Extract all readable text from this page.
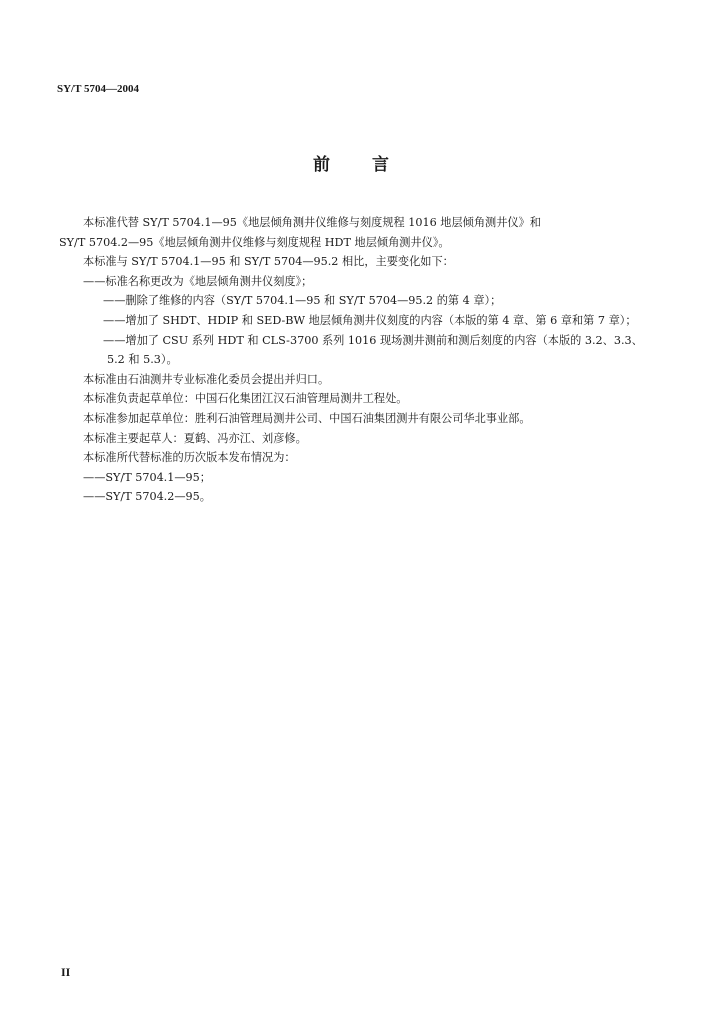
SY/T 5704—2004
前 言

本标准代替 SY/T 5704.1—95《地层倾角测井仪维修与刻度规程 1016 地层倾角测井仪》和

SY/T 5704.2—95《地层倾角测井仪维修与刻度规程 HDT 地层倾角测井仪》。

本标准与 SY/T 5704.1—95 和 SY/T 5704—95.2 相比，主要变化如下：

——标准名称更改为《地层倾角测井仪刻度》；

——删除了维修的内容（SY/T 5704.1—95 和 SY/T 5704—95.2 的第 4 章）；

——增加了 SHDT、HDIP 和 SED-BW 地层倾角测井仪刻度的内容（本版的第 4 章、第 6 章和第 7 章）；

——增加了 CSU 系列 HDT 和 CLS-3700 系列 1016 现场测井测前和测后刻度的内容（本版的 3.2、3.3、5.2 和 5.3）。

本标准由石油测井专业标准化委员会提出并归口。

本标准负责起草单位：中国石化集团江汉石油管理局测井工程处。

本标准参加起草单位：胜利石油管理局测井公司、中国石油集团测井有限公司华北事业部。

本标准主要起草人：夏鹤、冯亦江、刘彦修。

本标准所代替标准的历次版本发布情况为：

——SY/T 5704.1—95；

——SY/T 5704.2—95。

II
